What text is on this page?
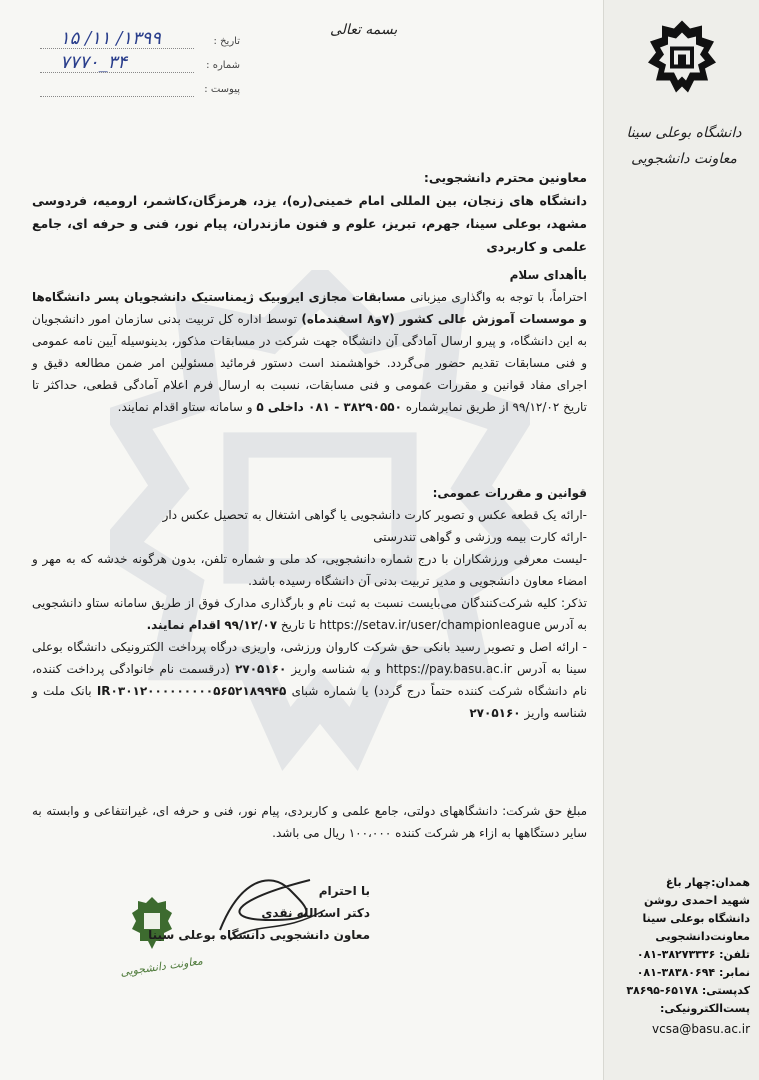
بسمه تعالی
۱۳۹۹/ ۱۱/ ۱۵	تاریخ :
۳۴_۷۷۷۰	شماره :
پیوست :
دانشگاه بوعلی سینا
معاونت دانشجویی
همدان:چهار باغ
شهید احمدی روشن
دانشگاه بوعلی سینا
معاونت‌دانشجویی
تلفن: ۳۸۲۷۳۳۳۶-۰۸۱
نمابر: ۳۸۳۸۰۶۹۴-۰۸۱
کدپستی: ۶۵۱۷۸-۳۸۶۹۵
پست‌الکترونیکی:
vcsa@basu.ac.ir

معاونین محترم دانشجویی:

دانشگاه های زنجان، بین المللی امام خمینی(ره)، یزد، هرمزگان،کاشمر، ارومیه، فردوسی مشهد، بوعلی سینا، جهرم، تبریز، علوم و فنون مازندران، پیام نور، فنی و حرفه ای، جامع علمی و کاربردی

باأهدای سلام

احتراماً، با توجه به واگذاری میزبانی مسابقات مجازی ایروبیک ژیمناستیک دانشجویان پسر دانشگاه‌ها و موسسات آموزش عالی کشور (۷و۸ اسفندماه) توسط اداره کل تربیت بدنی سازمان امور دانشجویان به این دانشگاه، و پیرو ارسال آمادگی آن دانشگاه جهت شرکت در مسابقات مذکور، بدینوسیله آیین نامه عمومی و فنی مسابقات تقدیم حضور می‌گردد. خواهشمند است دستور فرمائید مسئولین امر ضمن مطالعه دقیق و اجرای مفاد قوانین و مقررات عمومی و فنی مسابقات، نسبت به ارسال فرم اعلام آمادگی قطعی، حداکثر تا تاریخ ۹۹/۱۲/۰۲ از طریق نمابرشماره ۳۸۲۹۰۵۵۰ - ۰۸۱ داخلی ۵ و سامانه ستاو اقدام نمایند.

قوانین و مقررات عمومی:

-ارائه یک قطعه عکس و تصویر کارت دانشجویی یا گواهی اشتغال به تحصیل عکس دار

-ارائه کارت بیمه ورزشی و گواهی تندرستی

-لیست معرفی ورزشکاران با درج شماره دانشجویی، کد ملی و شماره تلفن، بدون هرگونه خدشه که به مهر و امضاء معاون دانشجویی و مدیر تربیت بدنی آن دانشگاه رسیده باشد.

تذکر: کلیه شرکت‌کنندگان می‌بایست نسبت به ثبت نام و بارگذاری مدارک فوق از طریق سامانه ستاو دانشجویی به آدرس https://setav.ir/user/championleague تا تاریخ ۹۹/۱۲/۰۷ اقدام نمایند.

- ارائه اصل و تصویر رسید بانکی حق شرکت کاروان ورزشی، واریزی درگاه پرداخت الکترونیکی دانشگاه بوعلی سینا به آدرس https://pay.basu.ac.ir و به شناسه واریز ۲۷۰۵۱۶۰ (درقسمت نام خانوادگی پرداخت کننده، نام دانشگاه شرکت کننده حتماً درج گردد) یا شماره شبای IR۰۳۰۱۲۰۰۰۰۰۰۰۰۰۵۶۵۲۱۸۹۹۴۵ بانک ملت و شناسه واریز ۲۷۰۵۱۶۰

مبلغ حق شرکت: دانشگاههای دولتی، جامع علمی و کاربردی، پیام نور، فنی و حرفه ای، غیرانتفاعی و وابسته به سایر دستگاهها به ازاء هر شرکت کننده ۱۰۰،۰۰۰ ریال می باشد.
با احترام
دکتر اسدالله نقدی
معاون دانشجویی دانشگاه بوعلی سینا
معاونت دانشجویی
